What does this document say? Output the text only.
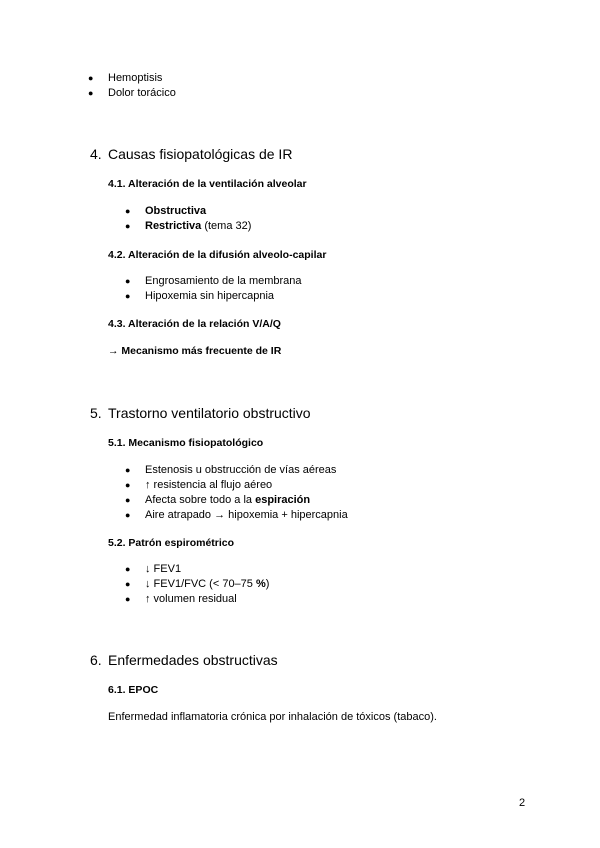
● Hemoptisis
● Dolor torácico
4. Causas fisiopatológicas de IR
4.1. Alteración de la ventilación alveolar
● Obstructiva
● Restrictiva (tema 32)
4.2. Alteración de la difusión alveolo-capilar
● Engrosamiento de la membrana
● Hipoxemia sin hipercapnia
4.3. Alteración de la relación V/A/Q
→ Mecanismo más frecuente de IR
5. Trastorno ventilatorio obstructivo
5.1. Mecanismo fisiopatológico
● Estenosis u obstrucción de vías aéreas
● ↑ resistencia al flujo aéreo
● Afecta sobre todo a la espiración
● Aire atrapado → hipoxemia + hipercapnia
5.2. Patrón espirométrico
● ↓ FEV1
● ↓ FEV1/FVC (< 70–75 %)
● ↑ volumen residual
6. Enfermedades obstructivas
6.1. EPOC
Enfermedad inflamatoria crónica por inhalación de tóxicos (tabaco).
2
